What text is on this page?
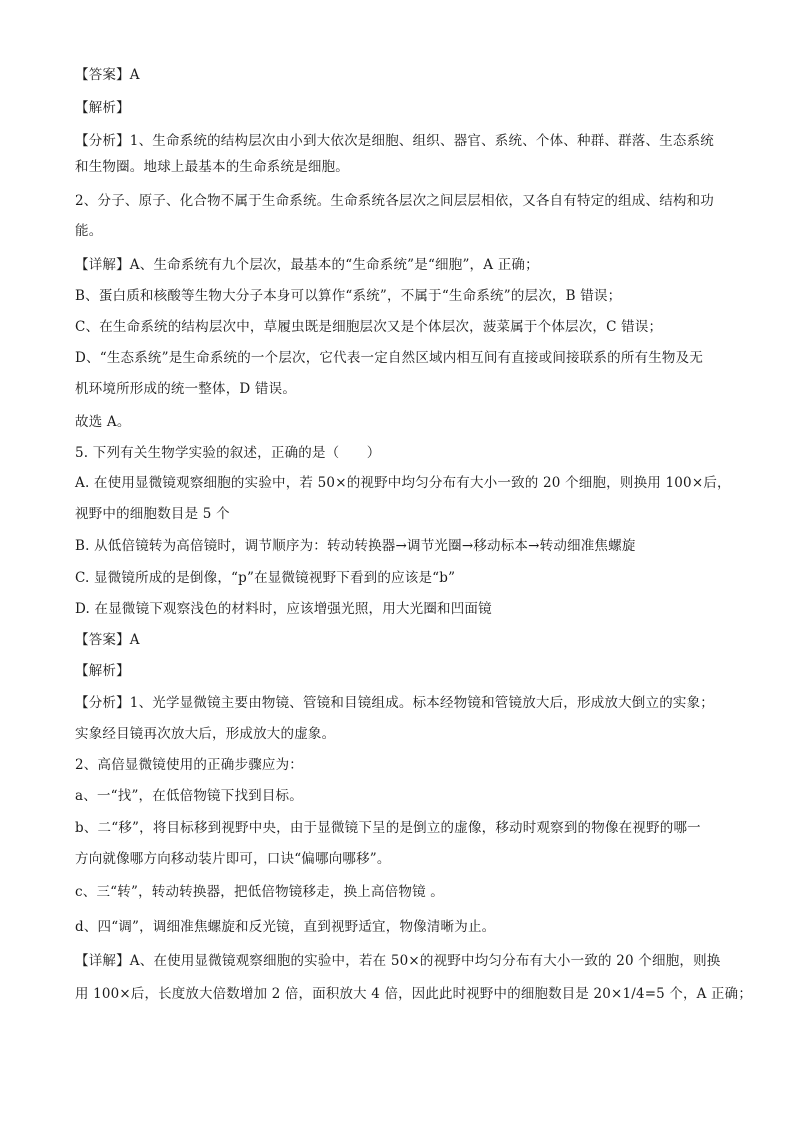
【答案】A
【解析】
【分析】1、生命系统的结构层次由小到大依次是细胞、组织、器官、系统、个体、种群、群落、生态系统
和生物圈。地球上最基本的生命系统是细胞。
2、分子、原子、化合物不属于生命系统。生命系统各层次之间层层相依，又各自有特定的组成、结构和功
能。
【详解】A、生命系统有九个层次，最基本的“生命系统”是“细胞”，A 正确；
B、蛋白质和核酸等生物大分子本身可以算作“系统”，不属于“生命系统”的层次，B 错误；
C、在生命系统的结构层次中，草履虫既是细胞层次又是个体层次，菠菜属于个体层次，C 错误；
D、“生态系统”是生命系统的一个层次，它代表一定自然区域内相互间有直接或间接联系的所有生物及无
机环境所形成的统一整体，D 错误。
故选 A。
5. 下列有关生物学实验的叙述，正确的是（　　）
A. 在使用显微镜观察细胞的实验中，若 50×的视野中均匀分布有大小一致的 20 个细胞，则换用 100×后，
视野中的细胞数目是 5 个
B. 从低倍镜转为高倍镜时，调节顺序为：转动转换器→调节光圈→移动标本→转动细准焦螺旋
C. 显微镜所成的是倒像，“p”在显微镜视野下看到的应该是“b”
D. 在显微镜下观察浅色的材料时，应该增强光照，用大光圈和凹面镜
【答案】A
【解析】
【分析】1、光学显微镜主要由物镜、管镜和目镜组成。标本经物镜和管镜放大后，形成放大倒立的实象；
实象经目镜再次放大后，形成放大的虚象。
2、高倍显微镜使用的正确步骤应为：
a、一“找”，在低倍物镜下找到目标。
b、二“移”，将目标移到视野中央，由于显微镜下呈的是倒立的虚像，移动时观察到的物像在视野的哪一
方向就像哪方向移动装片即可，口诀“偏哪向哪移”。
c、三“转”，转动转换器，把低倍物镜移走，换上高倍物镜 。
d、四“调”，调细准焦螺旋和反光镜，直到视野适宜，物像清晰为止。
【详解】A、在使用显微镜观察细胞的实验中，若在 50×的视野中均匀分布有大小一致的 20 个细胞，则换
用 100×后，长度放大倍数增加 2 倍，面积放大 4 倍，因此此时视野中的细胞数目是 20×1/4=5 个，A 正确；
